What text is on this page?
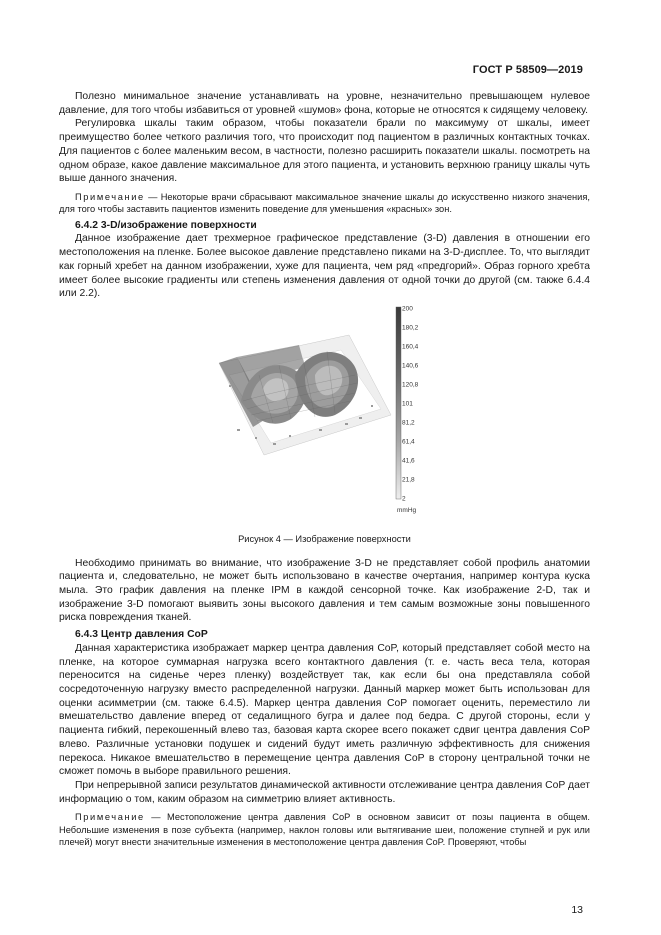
ГОСТ Р 58509—2019

Полезно минимальное значение устанавливать на уровне, незначительно превышающем нулевое давление, для того чтобы избавиться от уровней «шумов» фона, которые не относятся к сидящему человеку.

Регулировка шкалы таким образом, чтобы показатели брали по максимуму от шкалы, имеет преимущество более четкого различия того, что происходит под пациентом в различных контактных точках. Для пациентов с более маленьким весом, в частности, полезно расширить показатели шкалы. посмотреть на одном образе, какое давление максимальное для этого пациента, и установить верхнюю границу шкалы чуть выше данного значения.

Примечание — Некоторые врачи сбрасывают максимальное значение шкалы до искусственно низкого значения, для того чтобы заставить пациентов изменить поведение для уменьшения «красных» зон.

6.4.2 3-D/изображение поверхности

Данное изображение дает трехмерное графическое представление (3-D) давления в отношении его местоположения на пленке. Более высокое давление представлено пиками на 3-D-дисплее. То, что выглядит как горный хребет на данном изображении, хуже для пациента, чем ряд «предгорий». Образ горного хребта имеет более высокие градиенты или степень изменения давления от одной точки до другой (см. также 6.4.4 или 2.2).

200
180,2
160,4
140,6
120,8
101
81,2
61,4
41,6
21,8
2
mmHg
Рисунок 4 — Изображение поверхности

Необходимо принимать во внимание, что изображение 3-D не представляет собой профиль анатомии пациента и, следовательно, не может быть использовано в качестве очертания, например контура куска мыла. Это график давления на пленке IPM в каждой сенсорной точке. Как изображение 2-D, так и изображение 3-D помогают выявить зоны высокого давления и тем самым возможные зоны повышенного риска повреждения тканей.

6.4.3 Центр давления CoP

Данная характеристика изображает маркер центра давления CoP, который представляет собой место на пленке, на которое суммарная нагрузка всего контактного давления (т. е. часть веса тела, которая переносится на сиденье через пленку) воздействует так, как если бы она представляла собой сосредоточенную нагрузку вместо распределенной нагрузки. Данный маркер может быть использован для оценки асимметрии (см. также 6.4.5). Маркер центра давления CoP помогает оценить, переместило ли вмешательство давление вперед от седалищного бугра и далее под бедра. С другой стороны, если у пациента гибкий, перекошенный влево таз, базовая карта скорее всего покажет сдвиг центра давления CoP влево. Различные установки подушек и сидений будут иметь различную эффективность для снижения перекоса. Никакое вмешательство в перемещение центра давления CoP в сторону центральной точки не сможет помочь в выборе правильного решения.

При непрерывной записи результатов динамической активности отслеживание центра давления CoP дает информацию о том, каким образом на симметрию влияет активность.

Примечание — Местоположение центра давления CoP в основном зависит от позы пациента в общем. Небольшие изменения в позе субъекта (например, наклон головы или вытягивание шеи, положение ступней и рук или плечей) могут внести значительные изменения в местоположение центра давления CoP. Проверяют, чтобы

13
